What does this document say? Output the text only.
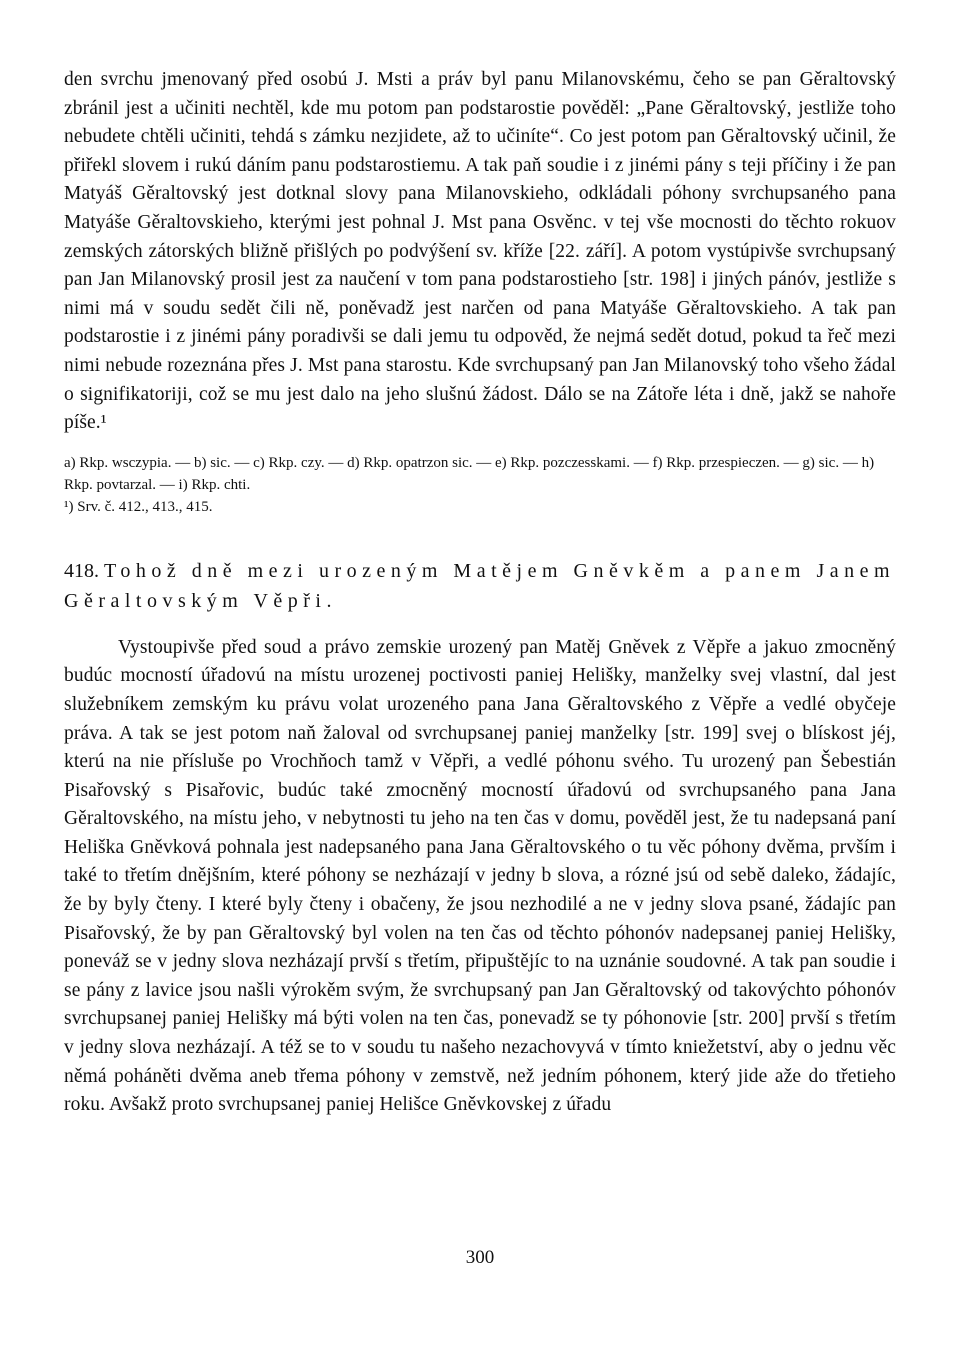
den svrchu jmenovaný před osobú J. Msti a práv byl panu Milanovskému, čeho se pan Gěraltovský zbránil jest a učiniti nechtěl, kde mu potom pan podstarostie pověděl: „Pane Gěraltovský, jestliže toho nebudete chtěli učiniti, tehdá s zámku nezjidete, až to učiníte“. Co jest potom pan Gěraltovský učinil, že přiřekl slovem i rukú dáním panu podstarostiemu. A tak paň soudie i z jinémi pány s teji příčiny i že pan Matyáš Gěraltovský jest dotknal slovy pana Milanovskieho, odkládali póhony svrchupsaného pana Matyáše Gěraltovskieho, kterými jest pohnal J. Mst pana Osvěnc. v tej vše mocnosti do těchto rokuov zemských zátorských bližně přišlých po podvýšení sv. kříže [22. září]. A potom vystúpivše svrchupsaný pan Jan Milanovský prosil jest za naučení v tom pana podstarostieho [str. 198] i jiných pánóv, jestliže s nimi má v soudu sedět čili ně, poněvadž jest narčen od pana Matyáše Gěraltovskieho. A tak pan podstarostie i z jinémi pány poradivši se dali jemu tu odpověd, že nejmá sedět dotud, pokud ta řeč mezi nimi nebude rozeznána přes J. Mst pana starostu. Kde svrchupsaný pan Jan Milanovský toho všeho žádal o signifikatoriji, což se mu jest dalo na jeho slušnú žádost. Dálo se na Zátoře léta i dně, jakž se nahoře píše.¹

a) Rkp. wsczypia. — b) sic. — c) Rkp. czy. — d) Rkp. opatrzon sic. — e) Rkp. pozczesskami. — f) Rkp. przespieczen. — g) sic. — h) Rkp. povtarzal. — i) Rkp. chti.
¹) Srv. č. 412., 413., 415.
418. Tohož dně mezi urozeným Matějem Gněvkěm a panem Janem Gěraltovským Věpři.

Vystoupivše před soud a právo zemskie urozený pan Matěj Gněvek z Věpře a jakuo zmocněný budúc mocností úřadovú na místu urozenej poctivosti paniej Helišky, manželky svej vlastní, dal jest služebníkem zemským ku právu volat urozeného pana Jana Gěraltovského z Věpře a vedlé obyčeje práva. A tak se jest potom naň žaloval od svrchupsanej paniej manželky [str. 199] svej o blískost jéj, kterú na nie přísluše po Vrochňoch tamž v Věpři, a vedlé póhonu svého. Tu urozený pan Šebestián Pisařovský s Pisařovic, budúc také zmocněný mocností úřadovú od svrchupsaného pana Jana Gěraltovského, na místu jeho, v nebytnosti tu jeho na ten čas v domu, pověděl jest, že tu nadepsaná paní Heliška Gněvková pohnala jest nadepsaného pana Jana Gěraltovského o tu věc póhony dvěma, prvším i také to třetím dnějšním, které póhony se nezházají v jedny b slova, a rózné jsú od sebě daleko, žádajíc, že by byly čteny. I které byly čteny i obačeny, že jsou nezhodilé a ne v jedny slova psané, žádajíc pan Pisařovský, že by pan Gěraltovský byl volen na ten čas od těchto póhonóv nadepsanej paniej Helišky, poneváž se v jedny slova nezházají prvší s třetím, připuštějíc to na uznánie soudovné. A tak pan soudie i se pány z lavice jsou našli výrokěm svým, že svrchupsaný pan Jan Gěraltovský od takovýchto póhonóv svrchupsanej paniej Helišky má býti volen na ten čas, ponevadž se ty póhonovie [str. 200] prvší s třetím v jedny slova nezházají. A též se to v soudu tu našeho nezachovyvá v tímto kniežetství, aby o jednu věc němá poháněti dvěma aneb třema póhony v zemstvě, než jedním póhonem, který jide aže do třetieho roku. Avšakž proto svrchupsanej paniej Helišce Gněvkovskej z úřadu

300
